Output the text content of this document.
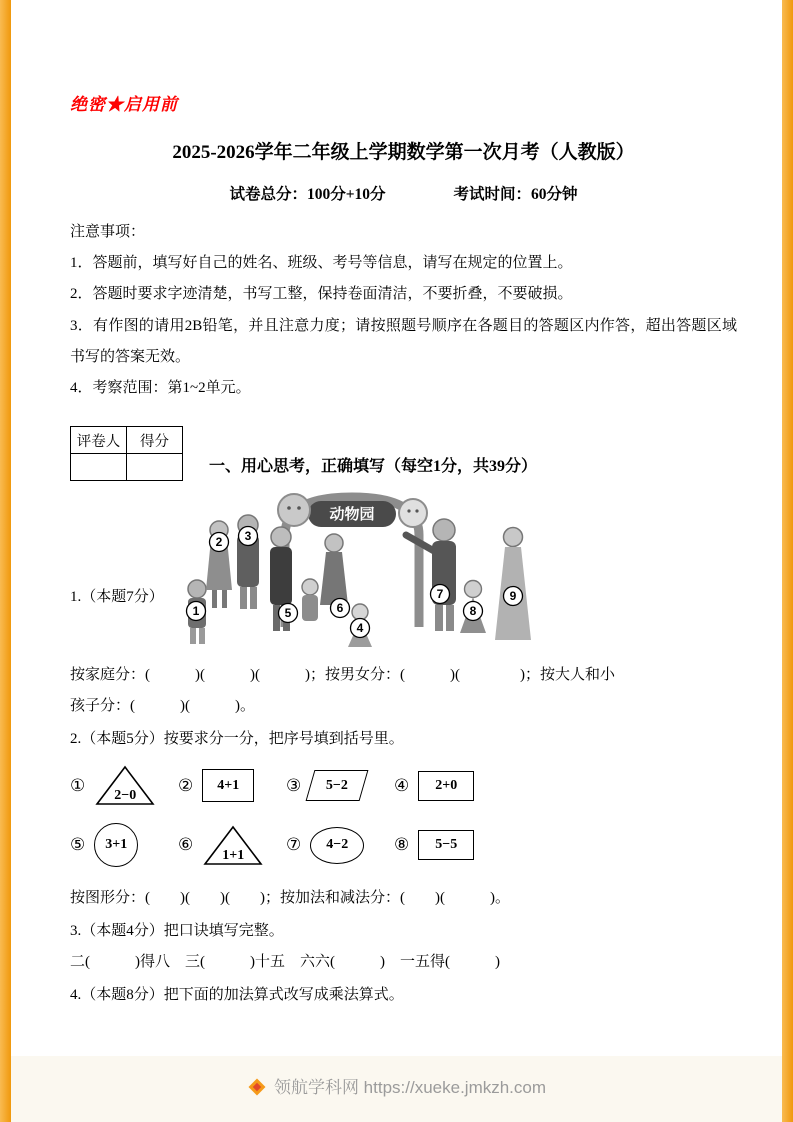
绝密★启用前
2025-2026学年二年级上学期数学第一次月考（人教版）
试卷总分：100分+10分	考试时间：60分钟

注意事项：

1．答题前，填写好自己的姓名、班级、考号等信息，请写在规定的位置上。

2．答题时要求字迹清楚，书写工整，保持卷面清洁，不要折叠，不要破损。

3．有作图的请用2B铅笔，并且注意力度；请按照题号顺序在各题目的答题区内作答，超出答题区域书写的答案无效。

4．考察范围：第1~2单元。

评卷人	得分

一、用心思考，正确填写（每空1分，共39分）
1.（本题7分）
动物园
1
2 3
4
5	6
7
8
9
按家庭分：(　　　)(　　　)(　　　)；按男女分：(　　　)(　　　　)；按大人和小
孩子分：(　　　)(　　　)。
2.（本题5分）按要求分一分，把序号填到括号里。
①
2−0
② 4+1	③ 5−2	④ 2+0
⑤ 3+1	⑥
1+1
⑦ 4−2	⑧ 5−5
按图形分：(　　)(　　)(　　)；按加法和减法分：(　　)(　　　)。
3.（本题4分）把口诀填写完整。
二(　　　)得八　三(　　　)十五　六六(　　　)　一五得(　　　)
4.（本题8分）把下面的加法算式改写成乘法算式。
领航学科网 https://xueke.jmkzh.com
